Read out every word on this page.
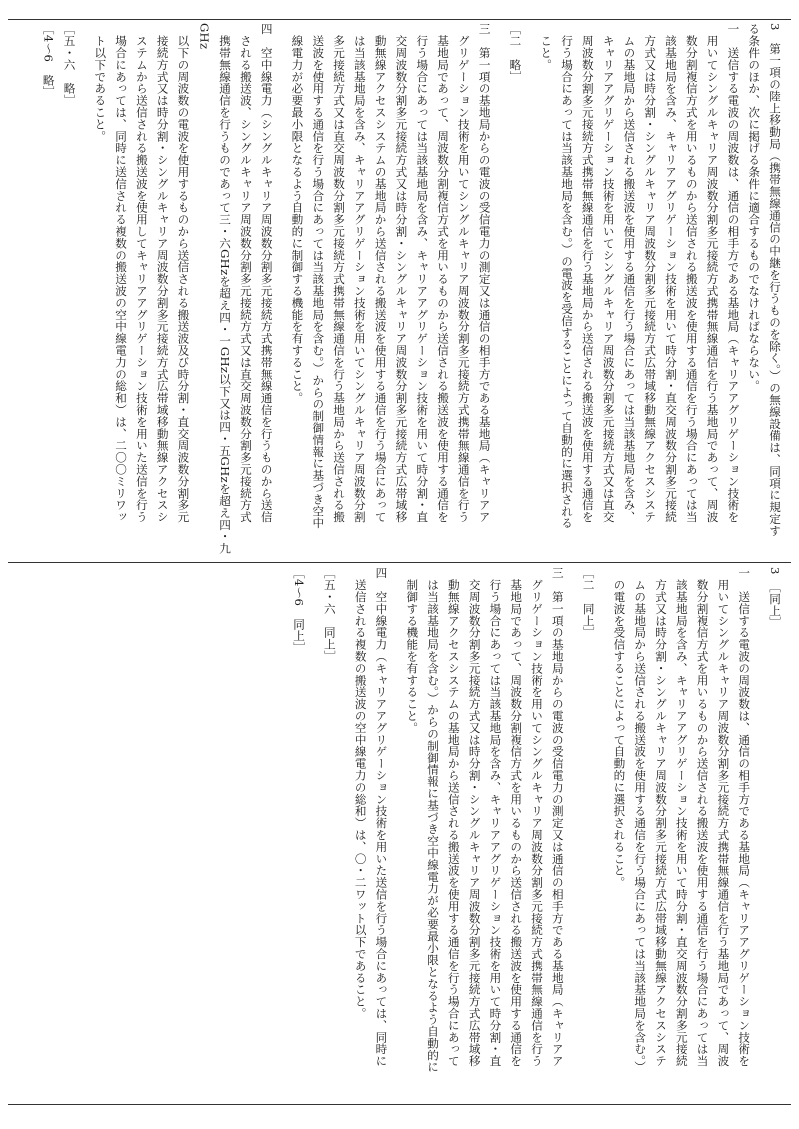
3　第一項の陸上移動局（携帯無線通信の中継を行うものを除く。）の無線設備は、同項に規定す

る条件のほか、次に掲げる条件に適合するものでなければならない。

一　送信する電波の周波数は、通信の相手方である基地局（キャリアアグリゲーション技術を

　用いてシングルキャリア周波数分割多元接続方式携帯無線通信を行う基地局であって、周波

　数分割複信方式を用いるものから送信される搬送波を使用する通信を行う場合にあっては当

　該基地局を含み、キャリアアグリゲーション技術を用いて時分割・直交周波数分割多元接続

　方式又は時分割・シングルキャリア周波数分割多元接続方式広帯域移動無線アクセスシステ

　ムの基地局から送信される搬送波を使用する通信を行う場合にあっては当該基地局を含み、

　キャリアアグリゲーション技術を用いてシングルキャリア周波数分割多元接続方式又は直交

　周波数分割多元接続方式携帯無線通信を行う基地局から送信される搬送波を使用する通信を

　行う場合にあっては当該基地局を含む。）の電波を受信することによって自動的に選択される

　こと。

［二　略］

三　第一項の基地局からの電波の受信電力の測定又は通信の相手方である基地局（キャリアア

　グリゲーション技術を用いてシングルキャリア周波数分割多元接続方式携帯無線通信を行う

　基地局であって、周波数分割複信方式を用いるものから送信される搬送波を使用する通信を

　行う場合にあっては当該基地局を含み、キャリアアグリゲーション技術を用いて時分割・直

　交周波数分割多元接続方式又は時分割・シングルキャリア周波数分割多元接続方式広帯域移

　動無線アクセスシステムの基地局から送信される搬送波を使用する通信を行う場合にあって

　は当該基地局を含み、キャリアアグリゲーション技術を用いてシングルキャリア周波数分割

　多元接続方式又は直交周波数分割多元接続方式携帯無線通信を行う基地局から送信される搬

　送波を使用する通信を行う場合にあっては当該基地局を含む。）からの制御情報に基づき空中

　線電力が必要最小限となるよう自動的に制御する機能を有すること。

四　空中線電力（シングルキャリア周波数分割多元接続方式携帯無線通信を行うものから送信

　される搬送波、シングルキャリア周波数分割多元接続方式又は直交周波数分割多元接続方式

　携帯無線通信を行うものであって三・六GHzを超え四・一GHz以下又は四・五GHzを超え四・九GHz

　以下の周波数の電波を使用するものから送信される搬送波及び時分割・直交周波数分割多元

　接続方式又は時分割・シングルキャリア周波数分割多元接続方式広帯域移動無線アクセスシ

　ステムから送信される搬送波を使用してキャリアアグリゲーション技術を用いた送信を行う

　場合にあっては、同時に送信される複数の搬送波の空中線電力の総和）は、二〇〇ミリワッ

　ト以下であること。

［五・六　略］

［4～6　略］

3　［同上］

一　送信する電波の周波数は、通信の相手方である基地局（キャリアアグリゲーション技術を

　用いてシングルキャリア周波数分割多元接続方式携帯無線通信を行う基地局であって、周波

　数分割複信方式を用いるものから送信される搬送波を使用する通信を行う場合にあっては当

　該基地局を含み、キャリアアグリゲーション技術を用いて時分割・直交周波数分割多元接続

　方式又は時分割・シングルキャリア周波数分割多元接続方式広帯域移動無線アクセスシステ

　ムの基地局から送信される搬送波を使用する通信を行う場合にあっては当該基地局を含む。）

　の電波を受信することによって自動的に選択されること。

［二　同上］

三　第一項の基地局からの電波の受信電力の測定又は通信の相手方である基地局（キャリアア

　グリゲーション技術を用いてシングルキャリア周波数分割多元接続方式携帯無線通信を行う

　基地局であって、周波数分割複信方式を用いるものから送信される搬送波を使用する通信を

　行う場合にあっては当該基地局を含み、キャリアアグリゲーション技術を用いて時分割・直

　交周波数分割多元接続方式又は時分割・シングルキャリア周波数分割多元接続方式広帯域移

　動無線アクセスシステムの基地局から送信される搬送波を使用する通信を行う場合にあって

　は当該基地局を含む。）からの制御情報に基づき空中線電力が必要最小限となるよう自動的に

　制御する機能を有すること。

四　空中線電力（キャリアアグリゲーション技術を用いた送信を行う場合にあっては、同時に

　送信される複数の搬送波の空中線電力の総和）は、〇・二ワット以下であること。

［五・六　同上］

［4～6　同上］
